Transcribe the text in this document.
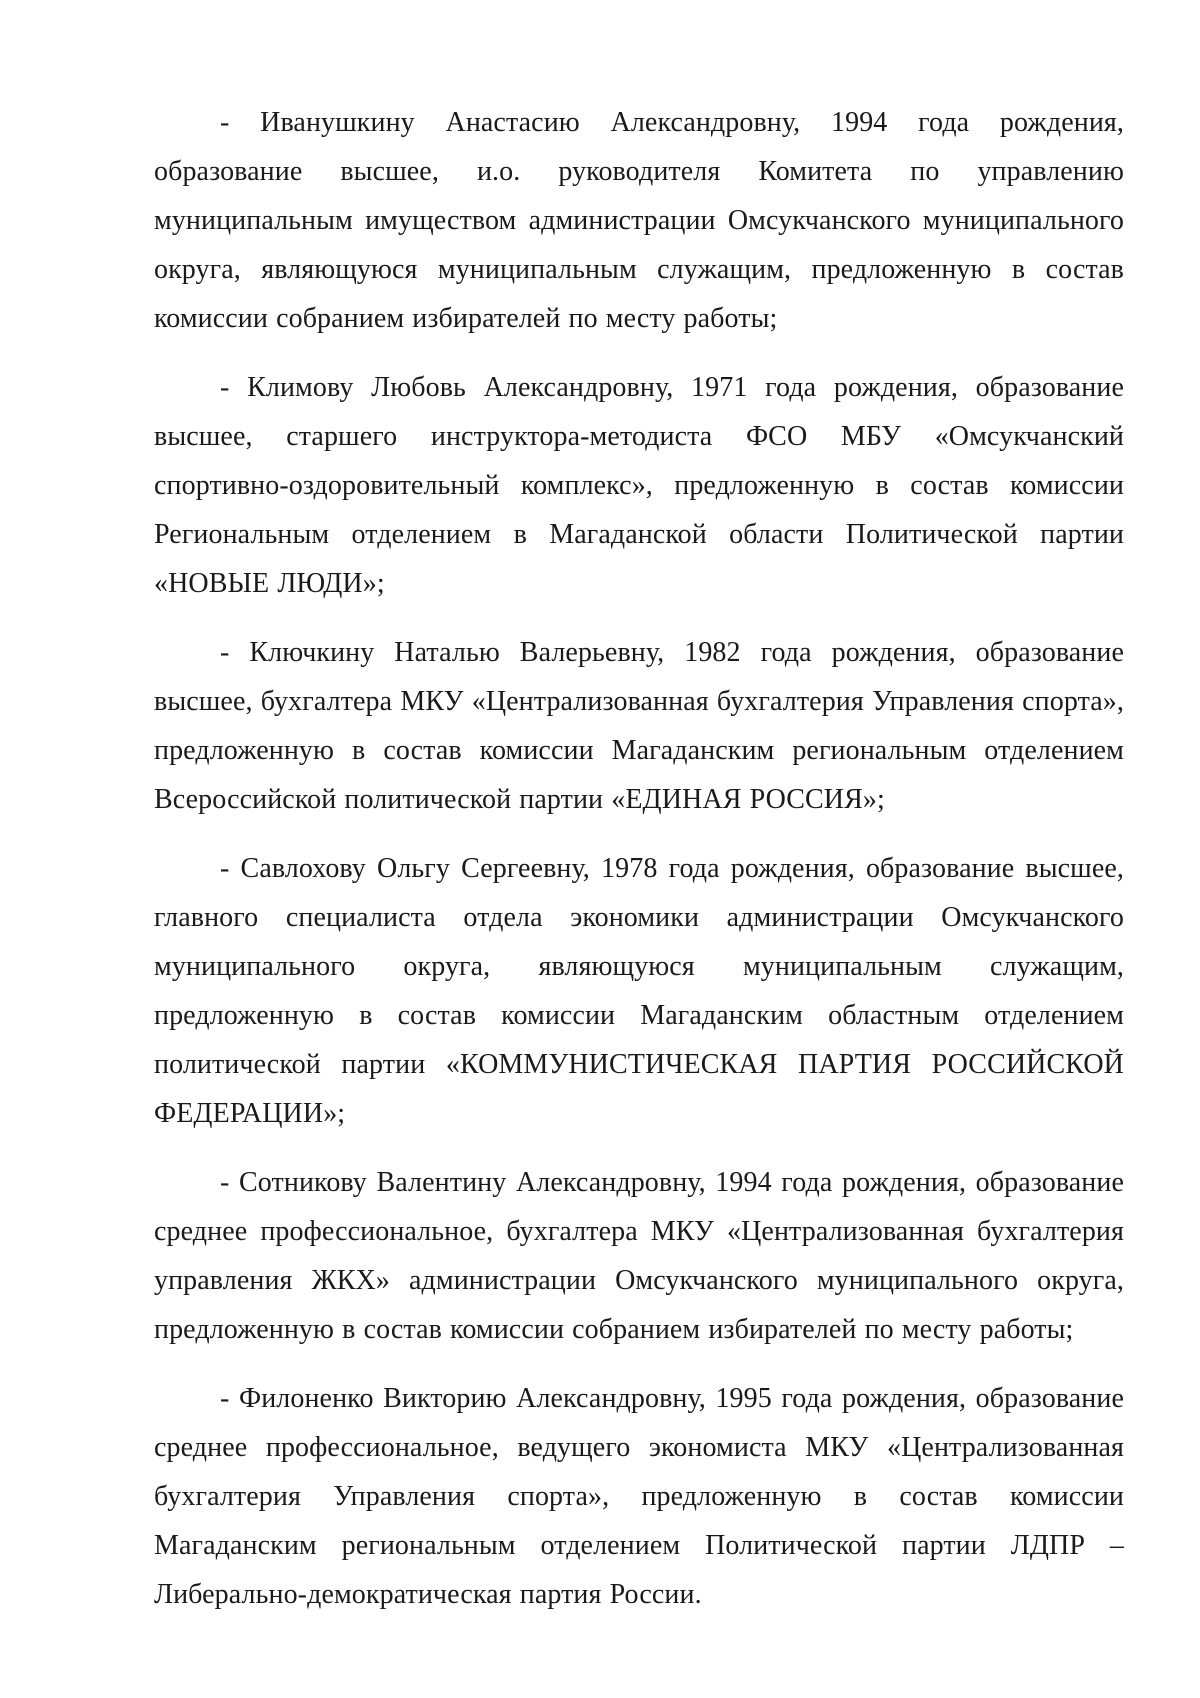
- Иванушкину Анастасию Александровну, 1994 года рождения, образование высшее, и.о. руководителя Комитета по управлению муниципальным имуществом администрации Омсукчанского муниципального округа, являющуюся муниципальным служащим, предложенную в состав комиссии собранием избирателей по месту работы;

- Климову Любовь Александровну, 1971 года рождения, образование высшее, старшего инструктора-методиста ФСО МБУ «Омсукчанский спортивно-оздоровительный комплекс», предложенную в состав комиссии Региональным отделением в Магаданской области Политической партии «НОВЫЕ ЛЮДИ»;

- Ключкину Наталью Валерьевну, 1982 года рождения, образование высшее, бухгалтера МКУ «Централизованная бухгалтерия Управления спорта», предложенную в состав комиссии Магаданским региональным отделением Всероссийской политической партии «ЕДИНАЯ РОССИЯ»;

- Савлохову Ольгу Сергеевну, 1978 года рождения, образование высшее, главного специалиста отдела экономики администрации Омсукчанского муниципального округа, являющуюся муниципальным служащим, предложенную в состав комиссии Магаданским областным отделением политической партии «КОММУНИСТИЧЕСКАЯ ПАРТИЯ РОССИЙСКОЙ ФЕДЕРАЦИИ»;

- Сотникову Валентину Александровну, 1994 года рождения, образование среднее профессиональное, бухгалтера МКУ «Централизованная бухгалтерия управления ЖКХ» администрации Омсукчанского муниципального округа, предложенную в состав комиссии собранием избирателей по месту работы;

- Филоненко Викторию Александровну, 1995 года рождения, образование среднее профессиональное, ведущего экономиста МКУ «Централизованная бухгалтерия Управления спорта», предложенную в состав комиссии Магаданским региональным отделением Политической партии ЛДПР – Либерально-демократическая партия России.
